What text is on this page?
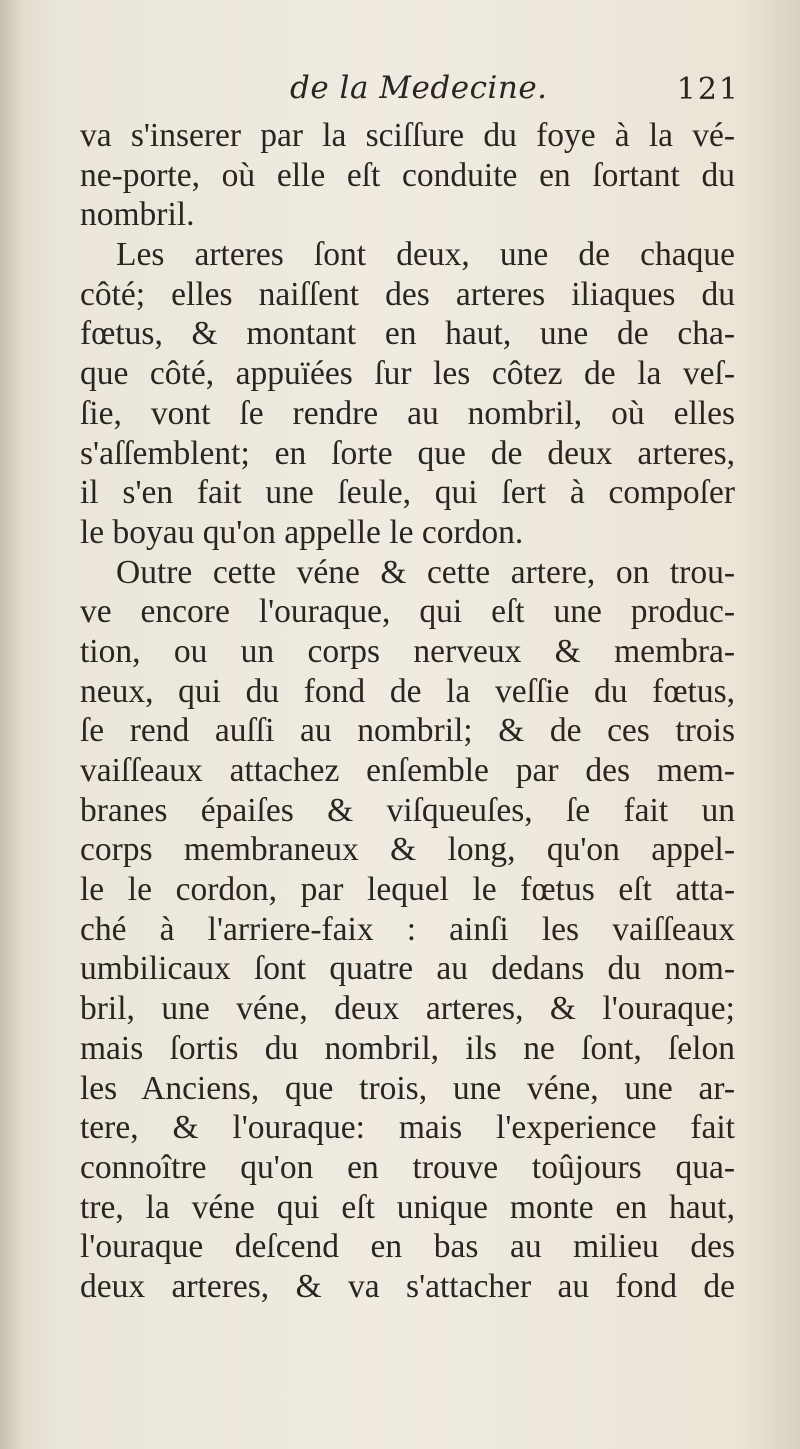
de la Medecine.	121
va s'inserer par la sciſſure du foye à la vé-
ne-porte, où elle eſt conduite en ſortant du
nombril.
Les arteres ſont deux, une de chaque
côté; elles naiſſent des arteres iliaques du
fœtus, & montant en haut, une de cha-
que côté, appuïées ſur les côtez de la veſ-
ſie, vont ſe rendre au nombril, où elles
s'aſſemblent; en ſorte que de deux arteres,
il s'en fait une ſeule, qui ſert à compoſer
le boyau qu'on appelle le cordon.
Outre cette véne & cette artere, on trou-
ve encore l'ouraque, qui eſt une produc-
tion, ou un corps nerveux & membra-
neux, qui du fond de la veſſie du fœtus,
ſe rend auſſi au nombril; & de ces trois
vaiſſeaux attachez enſemble par des mem-
branes épaiſes & viſqueuſes, ſe fait un
corps membraneux & long, qu'on appel-
le le cordon, par lequel le fœtus eſt atta-
ché à l'arriere-faix : ainſi les vaiſſeaux
umbilicaux ſont quatre au dedans du nom-
bril, une véne, deux arteres, & l'ouraque;
mais ſortis du nombril, ils ne ſont, ſelon
les Anciens, que trois, une véne, une ar-
tere, & l'ouraque: mais l'experience fait
connoître qu'on en trouve toûjours qua-
tre, la véne qui eſt unique monte en haut,
l'ouraque deſcend en bas au milieu des
deux arteres, & va s'attacher au fond de
